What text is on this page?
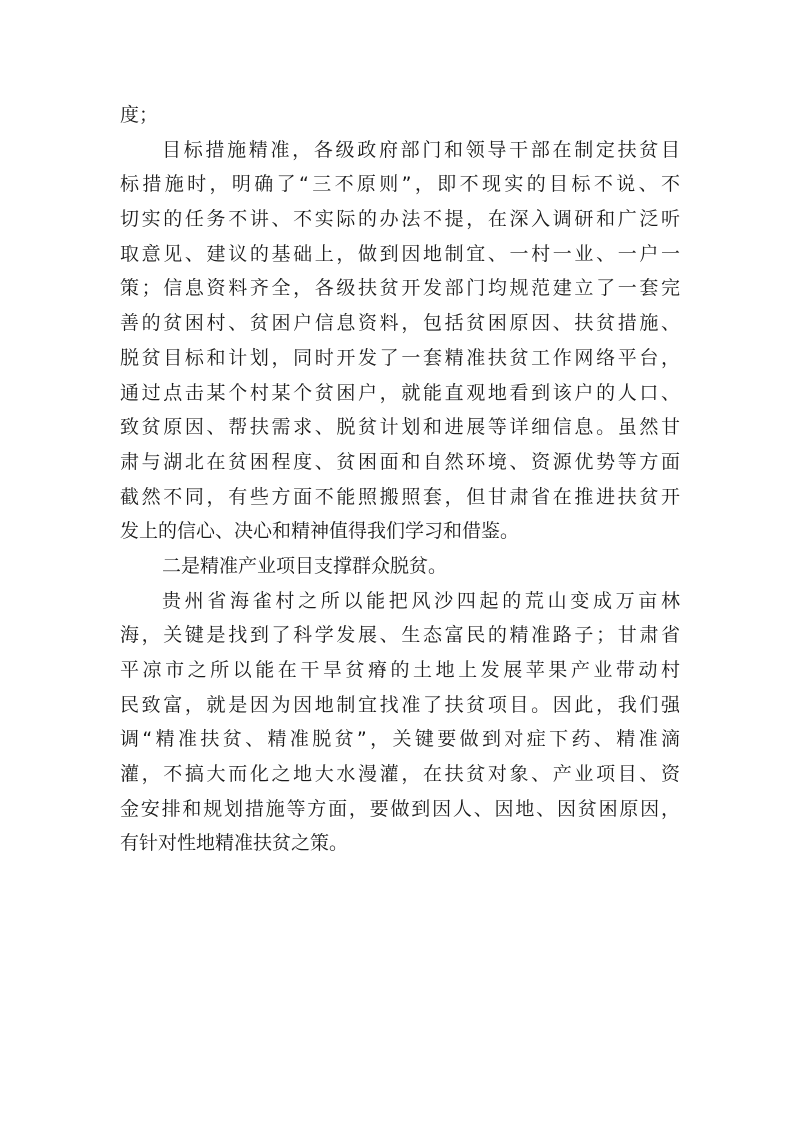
度；
目标措施精准，各级政府部门和领导干部在制定扶贫目
标措施时，明确了“三不原则”，即不现实的目标不说、不
切实的任务不讲、不实际的办法不提，在深入调研和广泛听
取意见、建议的基础上，做到因地制宜、一村一业、一户一
策；信息资料齐全，各级扶贫开发部门均规范建立了一套完
善的贫困村、贫困户信息资料，包括贫困原因、扶贫措施、
脱贫目标和计划，同时开发了一套精准扶贫工作网络平台，
通过点击某个村某个贫困户，就能直观地看到该户的人口、
致贫原因、帮扶需求、脱贫计划和进展等详细信息。虽然甘
肃与湖北在贫困程度、贫困面和自然环境、资源优势等方面
截然不同，有些方面不能照搬照套，但甘肃省在推进扶贫开
发上的信心、决心和精神值得我们学习和借鉴。
二是精准产业项目支撑群众脱贫。
贵州省海雀村之所以能把风沙四起的荒山变成万亩林
海，关键是找到了科学发展、生态富民的精准路子；甘肃省
平凉市之所以能在干旱贫瘠的土地上发展苹果产业带动村
民致富，就是因为因地制宜找准了扶贫项目。因此，我们强
调“精准扶贫、精准脱贫”，关键要做到对症下药、精准滴
灌，不搞大而化之地大水漫灌，在扶贫对象、产业项目、资
金安排和规划措施等方面，要做到因人、因地、因贫困原因，
有针对性地精准扶贫之策。
